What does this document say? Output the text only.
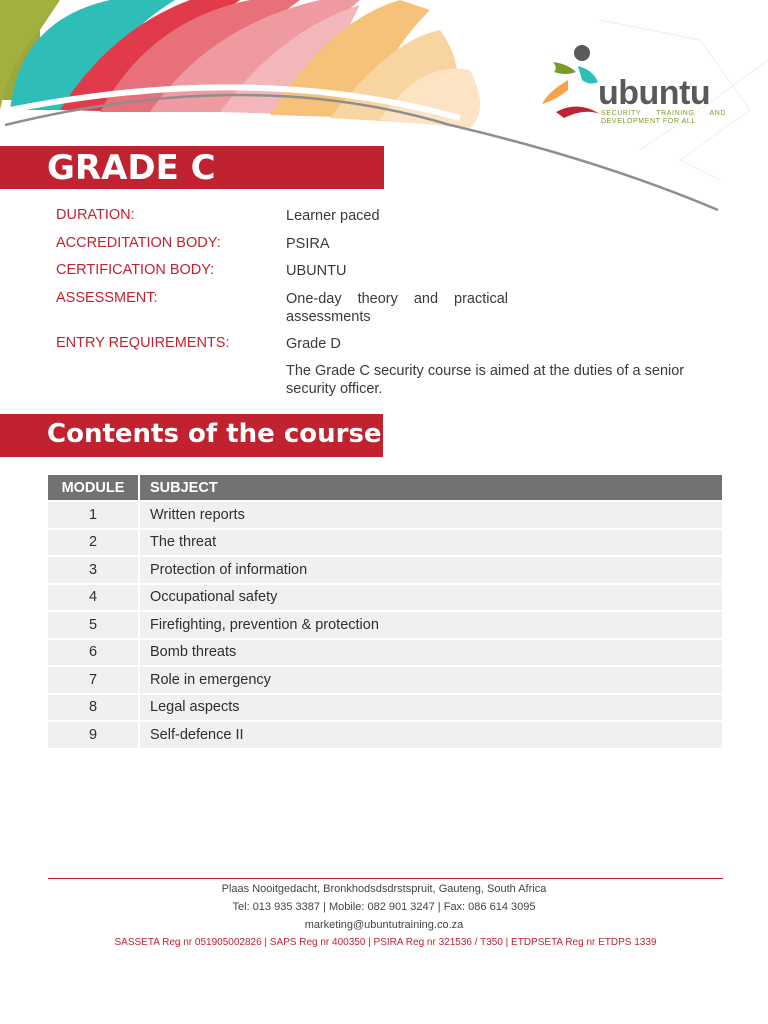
ubuntu
SECURITY TRAINING AND DEVELOPMENT FOR ALL
GRADE C
DURATION:	Learner paced
ACCREDITATION BODY:	PSIRA
CERTIFICATION BODY:	UBUNTU
ASSESSMENT:	One-day theory and practical assessments
ENTRY REQUIREMENTS:	Grade D
The Grade C security course is aimed at the duties of a senior security officer.
Contents of the course
MODULE	SUBJECT
1	Written reports
2	The threat
3	Protection of information
4	Occupational safety
5	Firefighting, prevention & protection
6	Bomb threats
7	Role in emergency
8	Legal aspects
9	Self-defence II
Plaas Nooitgedacht, Bronkhodsdsdrstspruit, Gauteng, South Africa
Tel: 013 935 3387 | Mobile: 082 901 3247 | Fax: 086 614 3095
marketing@ubuntutraining.co.za
SASSETA Reg nr 051905002826 | SAPS Reg nr 400350 | PSIRA Reg nr 321536 / T350 | ETDPSETA Reg nr ETDPS 1339
